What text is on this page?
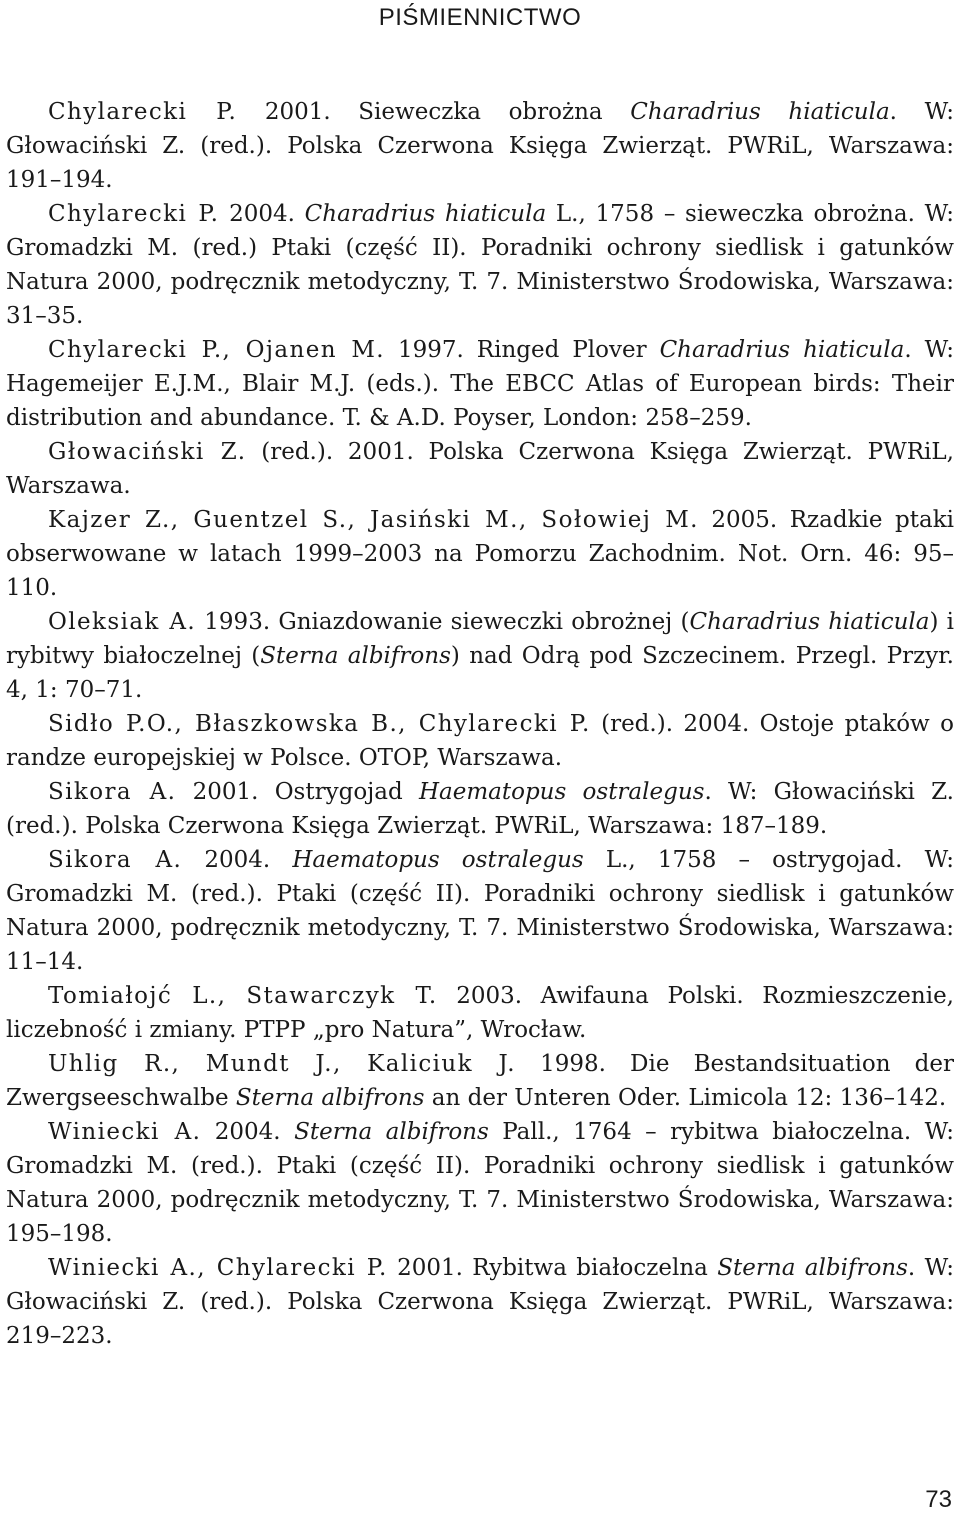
PIŚMIENNICTWO
Chylarecki P. 2001. Sieweczka obrożna Charadrius hiaticula. W: Głowaciński Z. (red.). Polska Czerwona Księga Zwierząt. PWRiL, Warszawa: 191–194.
Chylarecki P. 2004. Charadrius hiaticula L., 1758 – sieweczka obrożna. W: Gromadzki M. (red.) Ptaki (część II). Poradniki ochrony siedlisk i gatunków Natura 2000, podręcznik metodyczny, T. 7. Ministerstwo Środowiska, Warszawa: 31–35.
Chylarecki P., Ojanen M. 1997. Ringed Plover Charadrius hiaticula. W: Hagemeijer E.J.M., Blair M.J. (eds.). The EBCC Atlas of European birds: Their distribution and abundance. T. & A.D. Poyser, London: 258–259.
Głowaciński Z. (red.). 2001. Polska Czerwona Księga Zwierząt. PWRiL, Warszawa.
Kajzer Z., Guentzel S., Jasiński M., Sołowiej M. 2005. Rzadkie ptaki obserwowane w latach 1999–2003 na Pomorzu Zachodnim. Not. Orn. 46: 95–110.
Oleksiak A. 1993. Gniazdowanie sieweczki obrożnej (Charadrius hiaticula) i rybitwy białoczelnej (Sterna albifrons) nad Odrą pod Szczecinem. Przegl. Przyr. 4, 1: 70–71.
Sidło P.O., Błaszkowska B., Chylarecki P. (red.). 2004. Ostoje ptaków o randze europejskiej w Polsce. OTOP, Warszawa.
Sikora A. 2001. Ostrygojad Haematopus ostralegus. W: Głowaciński Z. (red.). Polska Czerwona Księga Zwierząt. PWRiL, Warszawa: 187–189.
Sikora A. 2004. Haematopus ostralegus L., 1758 – ostrygojad. W: Gromadzki M. (red.). Ptaki (część II). Poradniki ochrony siedlisk i gatunków Natura 2000, podręcznik metodyczny, T. 7. Ministerstwo Środowiska, Warszawa: 11–14.
Tomiałojć L., Stawarczyk T. 2003. Awifauna Polski. Rozmieszczenie, liczebność i zmiany. PTPP „pro Natura”, Wrocław.
Uhlig R., Mundt J., Kaliciuk J. 1998. Die Bestandsituation der Zwergseeschwalbe Sterna albifrons an der Unteren Oder. Limicola 12: 136–142.
Winiecki A. 2004. Sterna albifrons Pall., 1764 – rybitwa białoczelna. W: Gromadzki M. (red.). Ptaki (część II). Poradniki ochrony siedlisk i gatunków Natura 2000, podręcznik metodyczny, T. 7. Ministerstwo Środowiska, Warszawa: 195–198.
Winiecki A., Chylarecki P. 2001. Rybitwa białoczelna Sterna albifrons. W: Głowaciński Z. (red.). Polska Czerwona Księga Zwierząt. PWRiL, Warszawa: 219–223.

73
